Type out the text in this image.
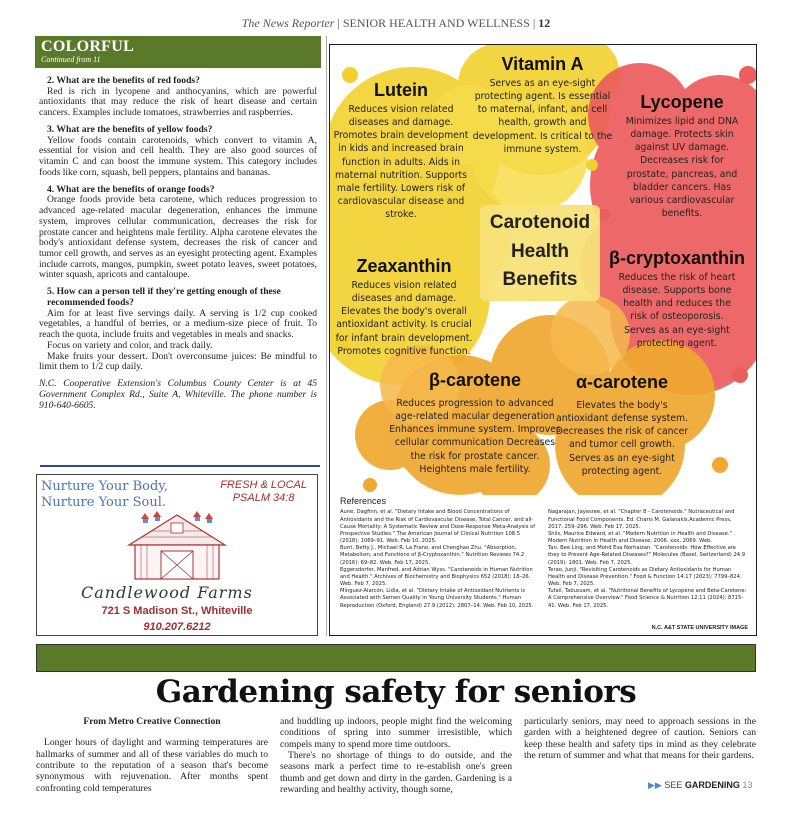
The News Reporter | SENIOR HEALTH AND WELLNESS | 12
COLORFUL
Continued from 11
2. What are the benefits of red foods?
Red is rich in lycopene and anthocyanins, which are powerful antioxidants that may reduce the risk of heart disease and certain cancers. Examples include tomatoes, strawberries and raspberries.
3. What are the benefits of yellow foods?
Yellow foods contain carotenoids, which convert to vitamin A, essential for vision and cell health. They are also good sources of vitamin C and can boost the immune system. This category includes foods like corn, squash, bell peppers, plantains and bananas.
4. What are the benefits of orange foods?
Orange foods provide beta carotene, which reduces progression to advanced age-related macular degeneration, enhances the immune system, improves cellular communication, decreases the risk for prostate cancer and heightens male fertility. Alpha carotene elevates the body's antioxidant defense system, decreases the risk of cancer and tumor cell growth, and serves as an eyesight protecting agent. Examples include carrots, mangos, pumpkin, sweet potato leaves, sweet potatoes, winter squash, apricots and cantaloupe.
5. How can a person tell if they're getting enough of these recommended foods?
Aim for at least five servings daily. A serving is 1/2 cup cooked vegetables, a handful of berries, or a medium-size piece of fruit. To reach the quota, include fruits and vegetables in meals and snacks.
Focus on variety and color, and track daily.
Make fruits your dessert. Don't overconsume juices: Be mindful to limit them to 1/2 cup daily.

N.C. Cooperative Extension's Columbus County Center is at 45 Government Complex Rd., Suite A, Whiteville. The phone number is 910-640-6605.

Nurture Your Body,
Nurture Your Soul.
FRESH & LOCAL
PSALM 34:8
Candlewood Farms
721 S Madison St., Whiteville
910.207.6212
Lutein
Reduces vision related diseases and damage. Promotes brain development in kids and increased brain function in adults. Aids in maternal nutrition. Supports male fertility. Lowers risk of cardiovascular disease and stroke.
Vitamin A
Serves as an eye-sight protecting agent. Is essential to maternal, infant, and cell health, growth and development. Is critical to the immune system.
Lycopene
Minimizes lipid and DNA damage. Protects skin against UV damage. Decreases risk for prostate, pancreas, and bladder cancers. Has various cardiovascular benefits.
Carotenoid
Health
Benefits
Zeaxanthin
Reduces vision related diseases and damage. Elevates the body's overall antioxidant activity. Is crucial for infant brain development. Promotes cognitive function.
β-cryptoxanthin
Reduces the risk of heart disease. Supports bone health and reduces the risk of osteoporosis. Serves as an eye-sight protecting agent.
β-carotene
Reduces progression to advanced age-related macular degeneration Enhances immune system. Improves cellular communication Decreases the risk for prostate cancer. Heightens male fertility.
α-carotene
Elevates the body's antioxidant defense system. Decreases the risk of cancer and tumor cell growth. Serves as an eye-sight protecting agent.
References
Aune, Dagfinn, et al. "Dietary Intake and Blood Concentrations of Antioxidants and the Risk of Cardiovascular Disease, Total Cancer, and all-Cause Mortality: A Systematic Review and Dose-Response Meta-Analysis of Prospective Studies." The American Journal of Clinical Nutrition 108.5 (2018): 1069–91. Web. Feb 10, 2025.
Burri, Betty J., Michael R. La Frano, and Chenghao Zhu. "Absorption, Metabolism, and Functions of β-Cryptoxanthin." Nutrition Reviews 74.2 (2016): 69–82. Web. Feb 17, 2025.
Eggersdorfer, Manfred, and Adrian Wyss. "Carotenoids in Human Nutrition and Health." Archives of Biochemistry and Biophysics 652 (2018): 18–26. Web. Feb 7, 2025.
Mínguez-Alarcón, Lidia, et al. "Dietary Intake of Antioxidant Nutrients is Associated with Semen Quality in Young University Students." Human Reproduction (Oxford, England) 27.9 (2012): 2807–14. Web. Feb 10, 2025.
Nagarajan, Jayesree, et al. "Chapter 8 - Carotenoids." Nutraceutical and Functional Food Components. Ed. Charis M. Galanakis.Academic Press, 2017. 259–296. Web. Feb 17, 2025.
Shils, Maurice Edward, et al. "Modern Nutrition in Health and Disease." Modern Nutrition in Health and Disease, 2006. xxx, 2069. Web.
Tan, Bee Ling, and Mohd Esa Norhaizan. "Carotenoids: How Effective are they to Prevent Age-Related Diseases?" Molecules (Basel, Switzerland) 24.9 (2019): 1801. Web. Feb 7, 2025.
Terao, Junji. "Revisiting Carotenoids as Dietary Antioxidants for Human Health and Disease Prevention." Food & Function 14.17 (2023): 7799–824. Web. Feb 7, 2025.
Tufail, Tabussam, et al. "Nutritional Benefits of Lycopene and Beta-Carotene: A Comprehensive Overview." Food Science & Nutrition 12.11 (2024): 8715–41. Web. Feb 17, 2025.
N.C. A&T STATE UNIVERSITY IMAGE
Gardening safety for seniors
From Metro Creative Connection

Longer hours of daylight and warming temperatures are hallmarks of summer and all of these variables do much to contribute to the reputation of a season that's become synonymous with rejuvenation. After months spent confronting cold temperatures

and huddling up indoors, people might find the welcoming conditions of spring into summer irresistible, which compels many to spend more time outdoors.

There's no shortage of things to do outside, and the seasons mark a perfect time to re-establish one's green thumb and get down and dirty in the garden. Gardening is a rewarding and healthy activity, though some,

particularly seniors, may need to approach sessions in the garden with a heightened degree of caution. Seniors can keep these health and safety tips in mind as they celebrate the return of summer and what that means for their gardens.

▶▶ SEE GARDENING 13
